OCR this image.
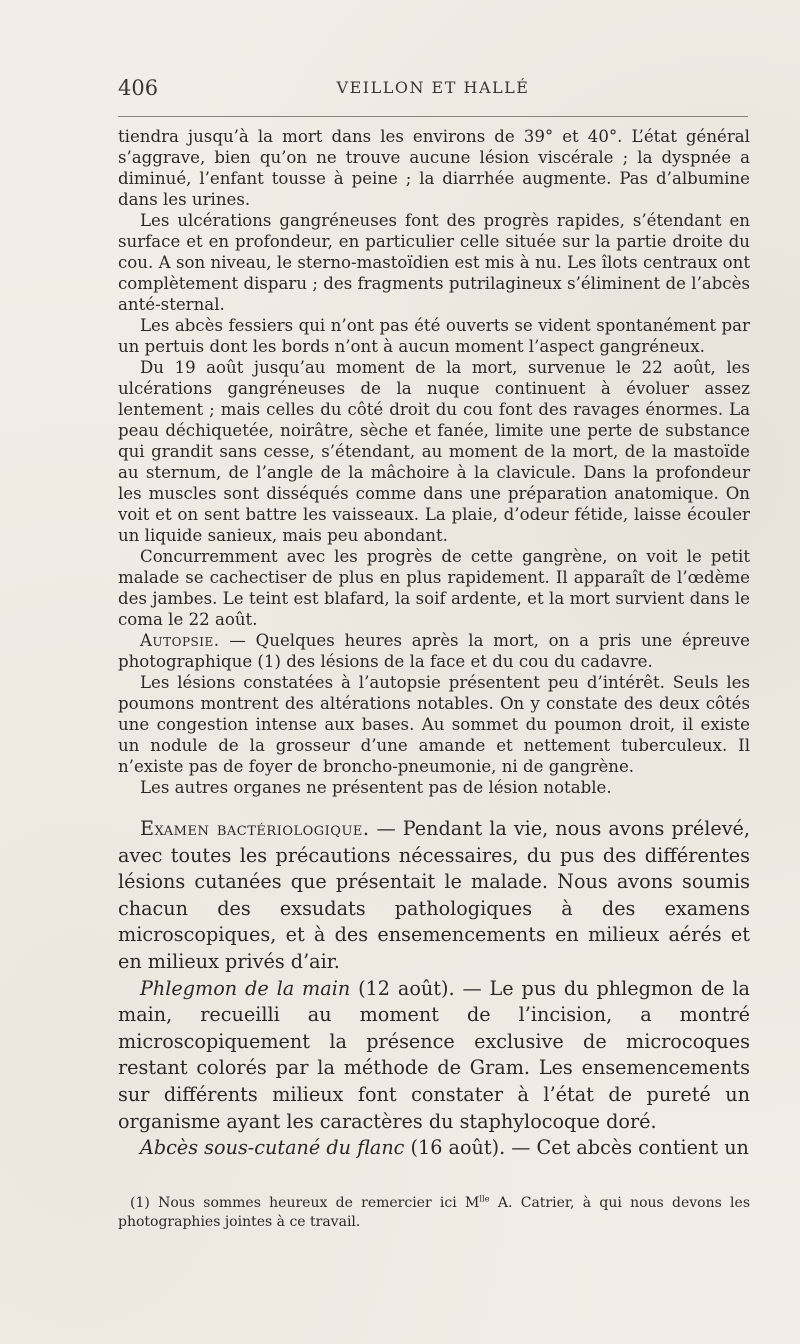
406	VEILLON ET HALLÉ

tiendra jusqu’à la mort dans les environs de 39° et 40°. L’état général s’aggrave, bien qu’on ne trouve aucune lésion viscérale ; la dyspnée a diminué, l’enfant tousse à peine ; la diarrhée augmente. Pas d’albumine dans les urines.

Les ulcérations gangréneuses font des progrès rapides, s’étendant en surface et en profondeur, en particulier celle située sur la partie droite du cou. A son niveau, le sterno-mastoïdien est mis à nu. Les îlots centraux ont complètement disparu ; des fragments putrilagineux s’éliminent de l’abcès anté-sternal.

Les abcès fessiers qui n’ont pas été ouverts se vident spontanément par un pertuis dont les bords n’ont à aucun moment l’aspect gangréneux.

Du 19 août jusqu’au moment de la mort, survenue le 22 août, les ulcérations gangréneuses de la nuque continuent à évoluer assez lentement ; mais celles du côté droit du cou font des ravages énormes. La peau déchiquetée, noirâtre, sèche et fanée, limite une perte de substance qui grandit sans cesse, s’étendant, au moment de la mort, de la mastoïde au sternum, de l’angle de la mâchoire à la clavicule. Dans la profondeur les muscles sont disséqués comme dans une préparation anatomique. On voit et on sent battre les vaisseaux. La plaie, d’odeur fétide, laisse écouler un liquide sanieux, mais peu abondant.

Concurremment avec les progrès de cette gangrène, on voit le petit malade se cachectiser de plus en plus rapidement. Il apparaît de l’œdème des jambes. Le teint est blafard, la soif ardente, et la mort survient dans le coma le 22 août.

Autopsie. — Quelques heures après la mort, on a pris une épreuve photographique (1) des lésions de la face et du cou du cadavre.

Les lésions constatées à l’autopsie présentent peu d’intérêt. Seuls les poumons montrent des altérations notables. On y constate des deux côtés une congestion intense aux bases. Au sommet du poumon droit, il existe un nodule de la grosseur d’une amande et nettement tuberculeux. Il n’existe pas de foyer de broncho-pneumonie, ni de gangrène.

Les autres organes ne présentent pas de lésion notable.

Examen bactériologique. — Pendant la vie, nous avons prélevé, avec toutes les précautions nécessaires, du pus des différentes lésions cutanées que présentait le malade. Nous avons soumis chacun des exsudats pathologiques à des examens microscopiques, et à des ensemencements en milieux aérés et en milieux privés d’air.

Phlegmon de la main (12 août). — Le pus du phlegmon de la main, recueilli au moment de l’incision, a montré microscopiquement la présence exclusive de microcoques restant colorés par la méthode de Gram. Les ensemencements sur différents milieux font constater à l’état de pureté un organisme ayant les caractères du staphylocoque doré.

Abcès sous-cutané du flanc (16 août). — Cet abcès contient un

(1) Nous sommes heureux de remercier ici $M^{lle}$ A. Catrier, à qui nous devons les photographies jointes à ce travail.
